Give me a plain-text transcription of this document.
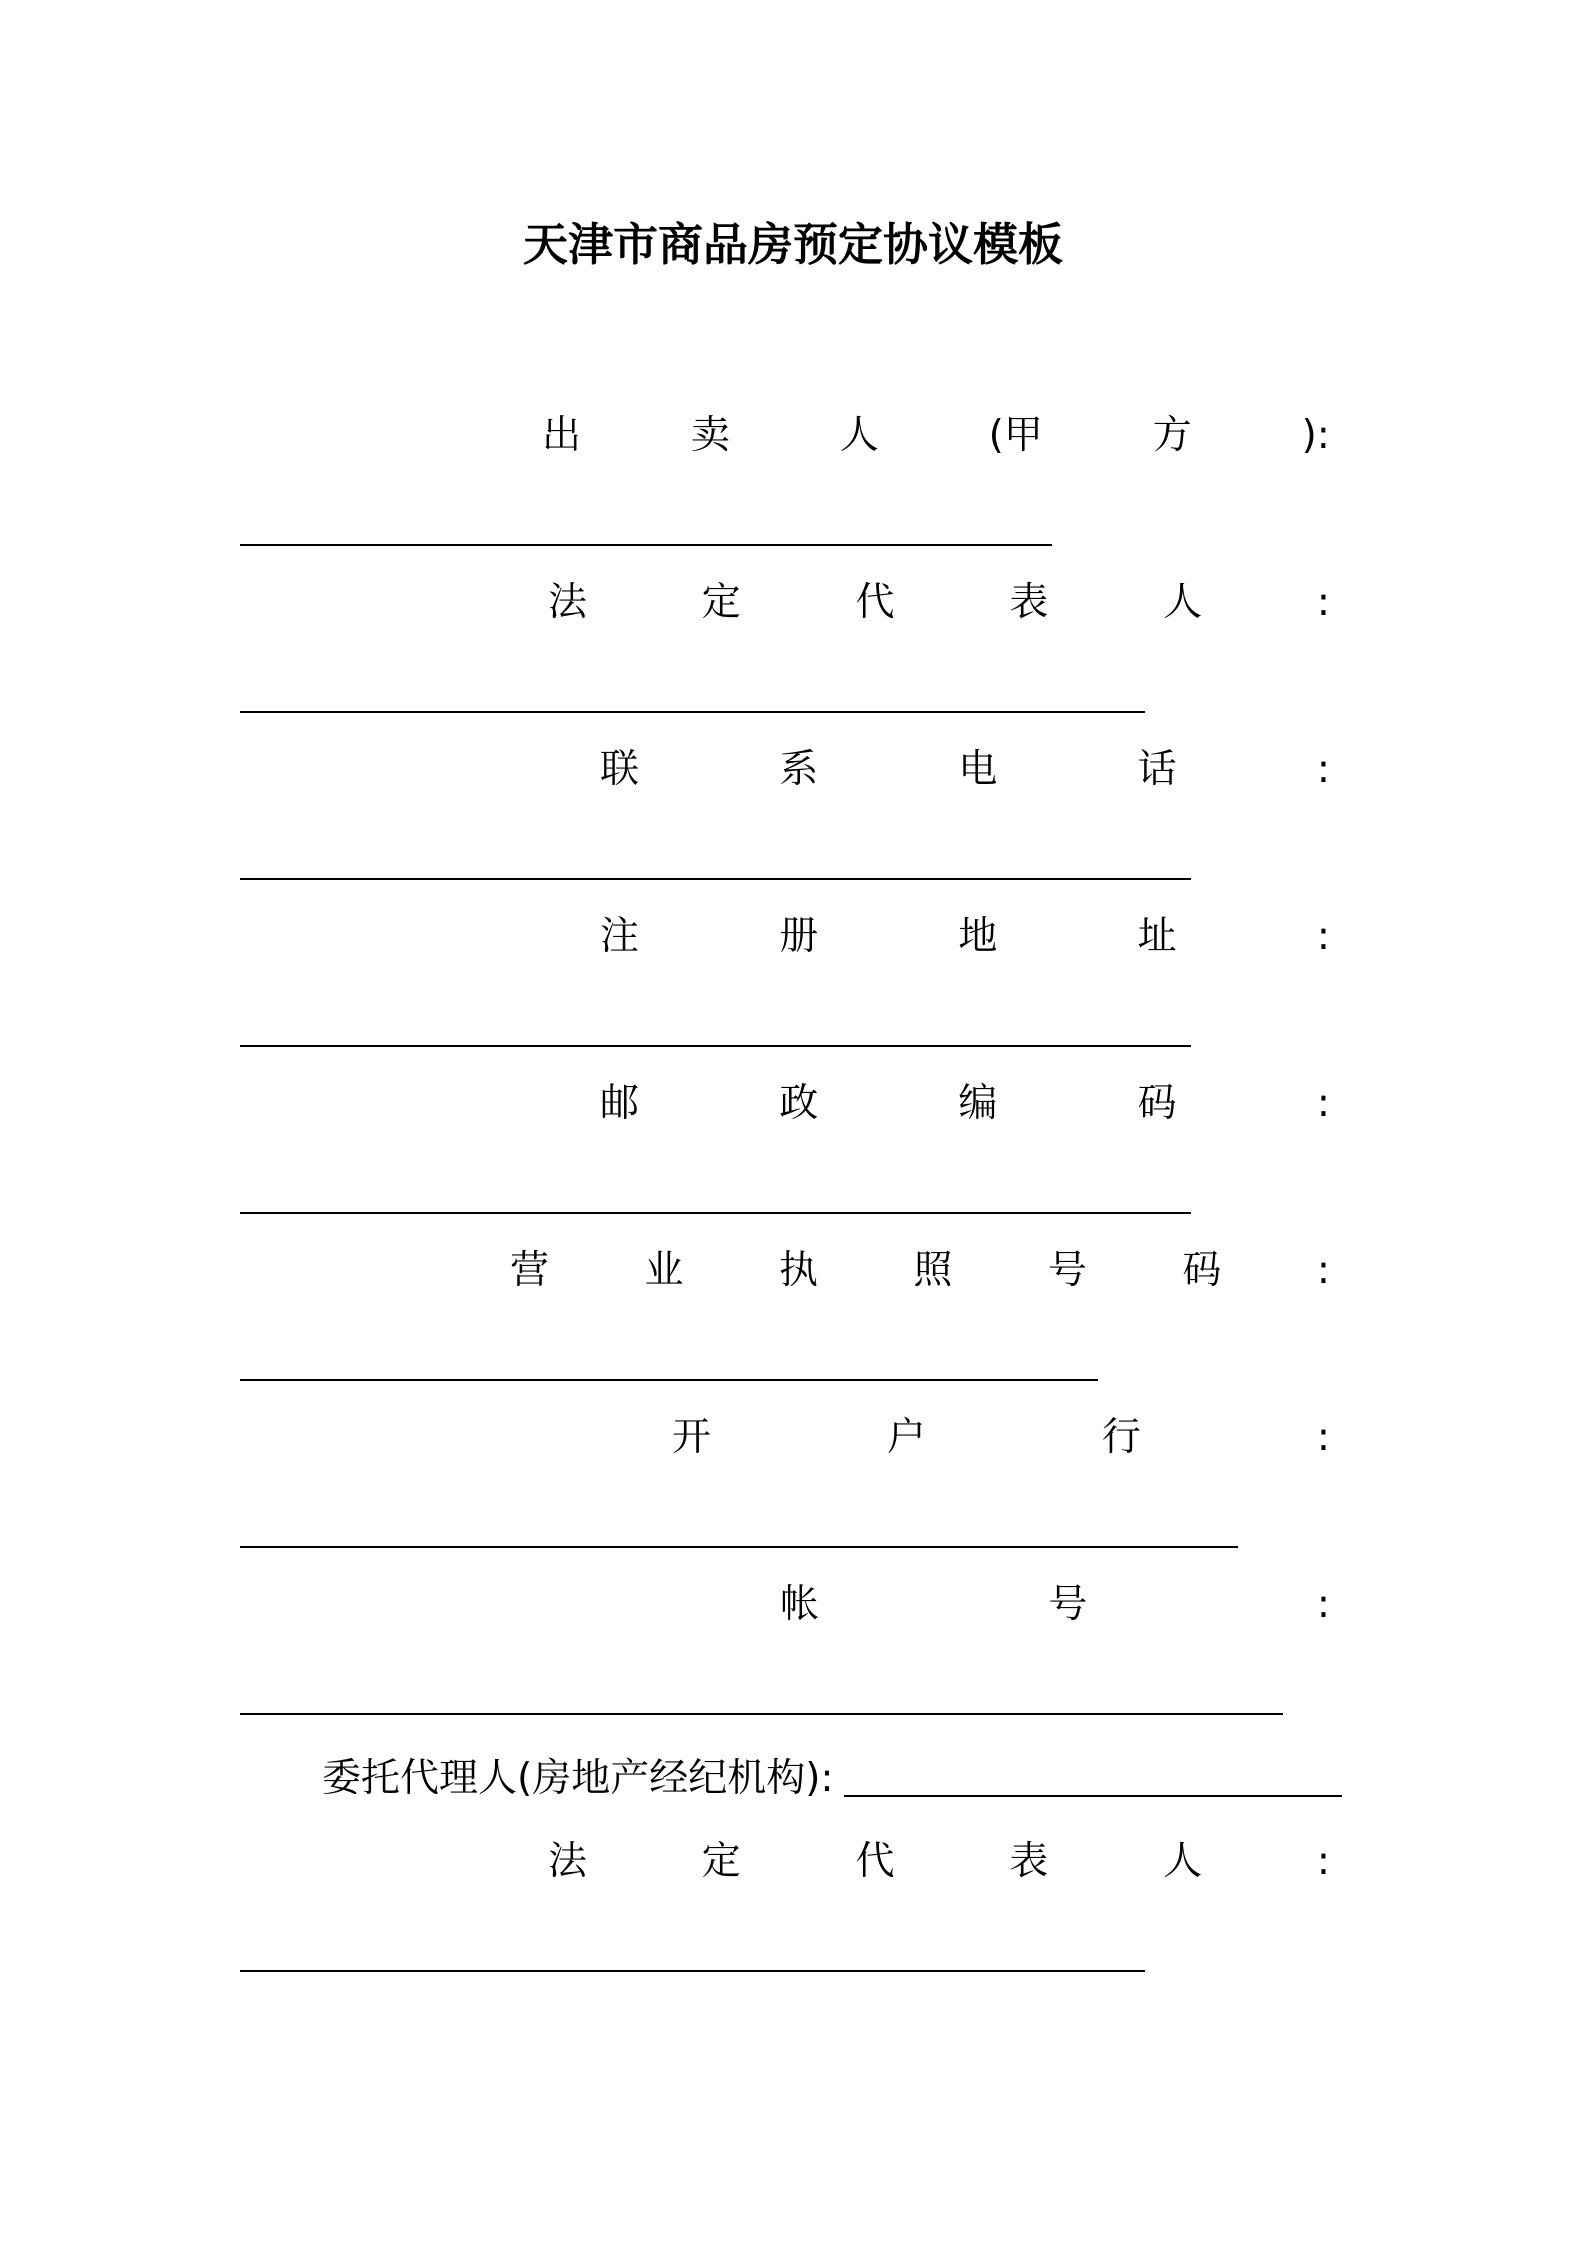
天津市商品房预定协议模板
出	卖	人	(甲	方	):
法	定	代	表	人	:
联	系	电	话	:
注	册	地	址	:
邮	政	编	码	:
营 业 执 照 号 码 :
开	户	行	:
帐	号	:
委托代理人(房地产经纪机构):
法	定	代	表	人	:
